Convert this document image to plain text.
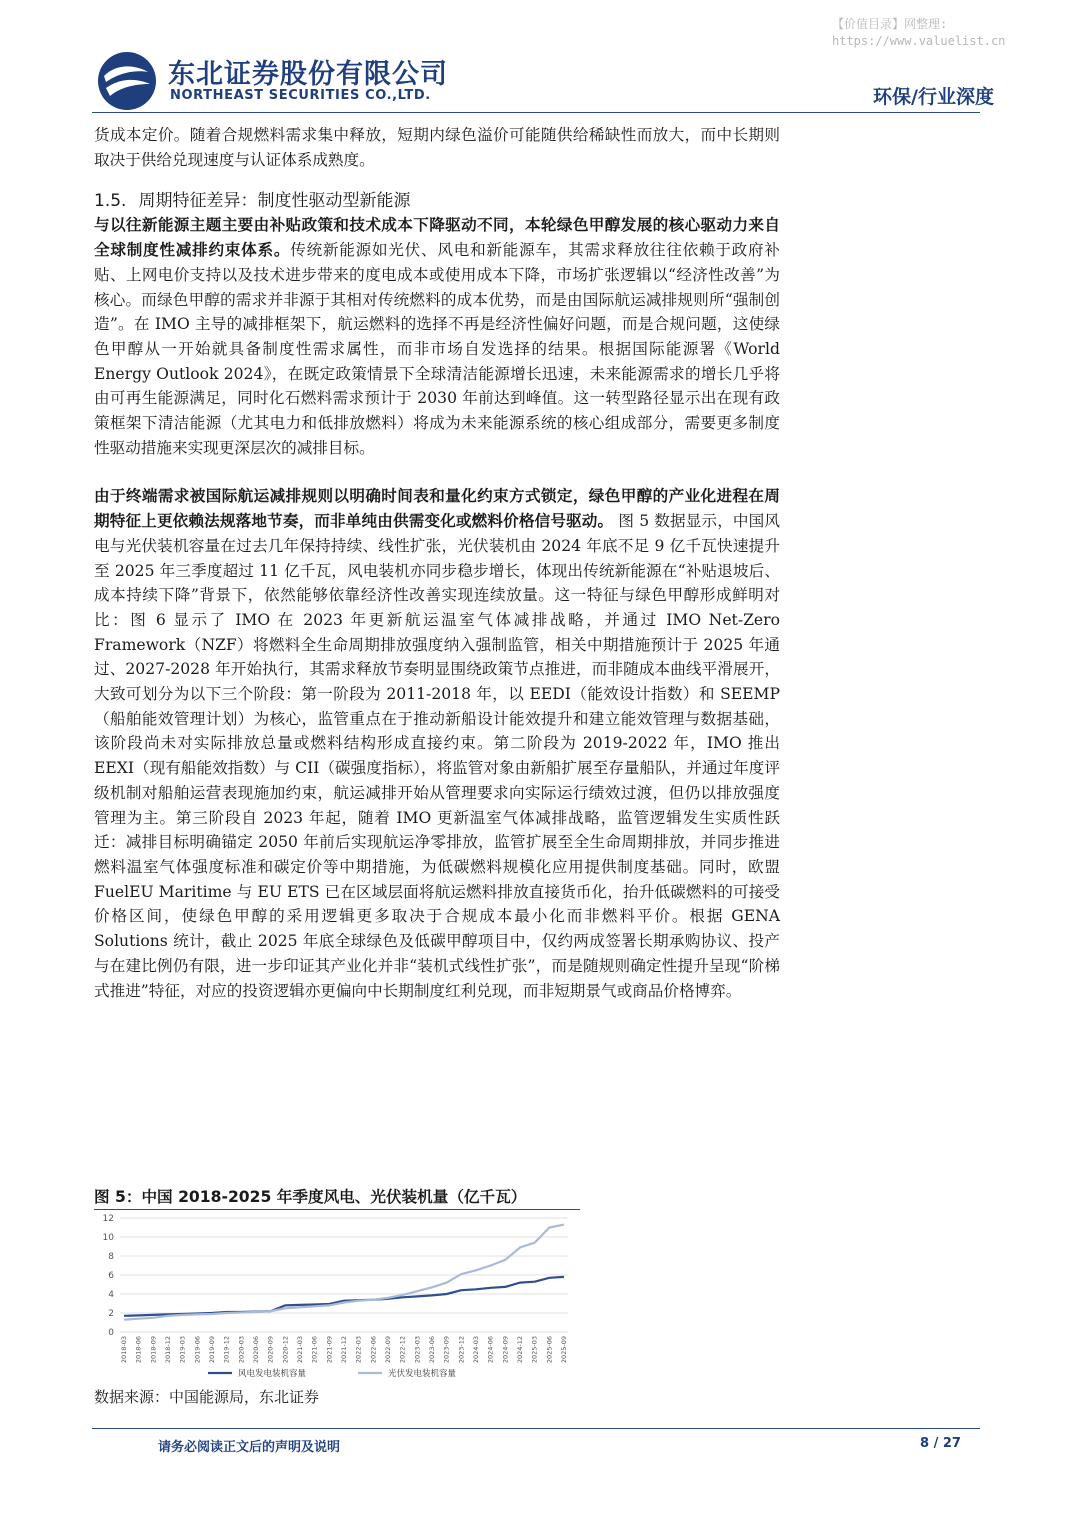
【价值目录】网整理:
https://www.valuelist.cn
东北证券股份有限公司
NORTHEAST SECURITIES CO.,LTD.	环保/行业深度

货成本定价。随着合规燃料需求集中释放，短期内绿色溢价可能随供给稀缺性而放大，而中长期则取决于供给兑现速度与认证体系成熟度。

1.5. 周期特征差异：制度性驱动型新能源

与以往新能源主题主要由补贴政策和技术成本下降驱动不同，本轮绿色甲醇发展的核心驱动力来自全球制度性减排约束体系。传统新能源如光伏、风电和新能源车，其需求释放往往依赖于政府补贴、上网电价支持以及技术进步带来的度电成本或使用成本下降，市场扩张逻辑以“经济性改善”为核心。而绿色甲醇的需求并非源于其相对传统燃料的成本优势，而是由国际航运减排规则所“强制创造”。在 IMO 主导的减排框架下，航运燃料的选择不再是经济性偏好问题，而是合规问题，这使绿色甲醇从一开始就具备制度性需求属性，而非市场自发选择的结果。根据国际能源署《World Energy Outlook 2024》，在既定政策情景下全球清洁能源增长迅速，未来能源需求的增长几乎将由可再生能源满足，同时化石燃料需求预计于 2030 年前达到峰值。这一转型路径显示出在现有政策框架下清洁能源（尤其电力和低排放燃料）将成为未来能源系统的核心组成部分，需要更多制度性驱动措施来实现更深层次的减排目标。

由于终端需求被国际航运减排规则以明确时间表和量化约束方式锁定，绿色甲醇的产业化进程在周期特征上更依赖法规落地节奏，而非单纯由供需变化或燃料价格信号驱动。 图 5 数据显示，中国风电与光伏装机容量在过去几年保持持续、线性扩张，光伏装机由 2024 年底不足 9 亿千瓦快速提升至 2025 年三季度超过 11 亿千瓦，风电装机亦同步稳步增长，体现出传统新能源在“补贴退坡后、成本持续下降”背景下，依然能够依靠经济性改善实现连续放量。这一特征与绿色甲醇形成鲜明对比：图 6 显示了 IMO 在 2023 年更新航运温室气体减排战略，并通过 IMO Net-Zero Framework（NZF）将燃料全生命周期排放强度纳入强制监管，相关中期措施预计于 2025 年通过、2027-2028 年开始执行，其需求释放节奏明显围绕政策节点推进，而非随成本曲线平滑展开，大致可划分为以下三个阶段：第一阶段为 2011-2018 年，以 EEDI（能效设计指数）和 SEEMP（船舶能效管理计划）为核心，监管重点在于推动新船设计能效提升和建立能效管理与数据基础，该阶段尚未对实际排放总量或燃料结构形成直接约束。第二阶段为 2019-2022 年，IMO 推出 EEXI（现有船能效指数）与 CII（碳强度指标），将监管对象由新船扩展至存量船队，并通过年度评级机制对船舶运营表现施加约束，航运减排开始从管理要求向实际运行绩效过渡，但仍以排放强度管理为主。第三阶段自 2023 年起，随着 IMO 更新温室气体减排战略，监管逻辑发生实质性跃迁：减排目标明确锚定 2050 年前后实现航运净零排放，监管扩展至全生命周期排放，并同步推进燃料温室气体强度标准和碳定价等中期措施，为低碳燃料规模化应用提供制度基础。同时，欧盟 FuelEU Maritime 与 EU ETS 已在区域层面将航运燃料排放直接货币化，抬升低碳燃料的可接受价格区间，使绿色甲醇的采用逻辑更多取决于合规成本最小化而非燃料平价。根据 GENA Solutions 统计，截止 2025 年底全球绿色及低碳甲醇项目中，仅约两成签署长期承购协议、投产与在建比例仍有限，进一步印证其产业化并非“装机式线性扩张”，而是随规则确定性提升呈现“阶梯式推进”特征，对应的投资逻辑亦更偏向中长期制度红利兑现，而非短期景气或商品价格博弈。

图 5：中国 2018-2025 年季度风电、光伏装机量（亿千瓦）
0
2
4
6
8
10
12
2018-03 2018-06 2018-09 2018-12 2019-03 2019-06 2019-09 2019-12 2020-03 2020-06 2020-09 2020-12 2021-03 2021-06 2021-09 2021-12 2022-03 2022-06 2022-09 2022-12 2023-03 2023-06 2023-09 2023-12 2024-03 2024-06 2024-09 2024-12 2025-03 2025-06 2025-09
风电发电装机容量	光伏发电装机容量
数据来源：中国能源局，东北证券
请务必阅读正文后的声明及说明	8 / 27
